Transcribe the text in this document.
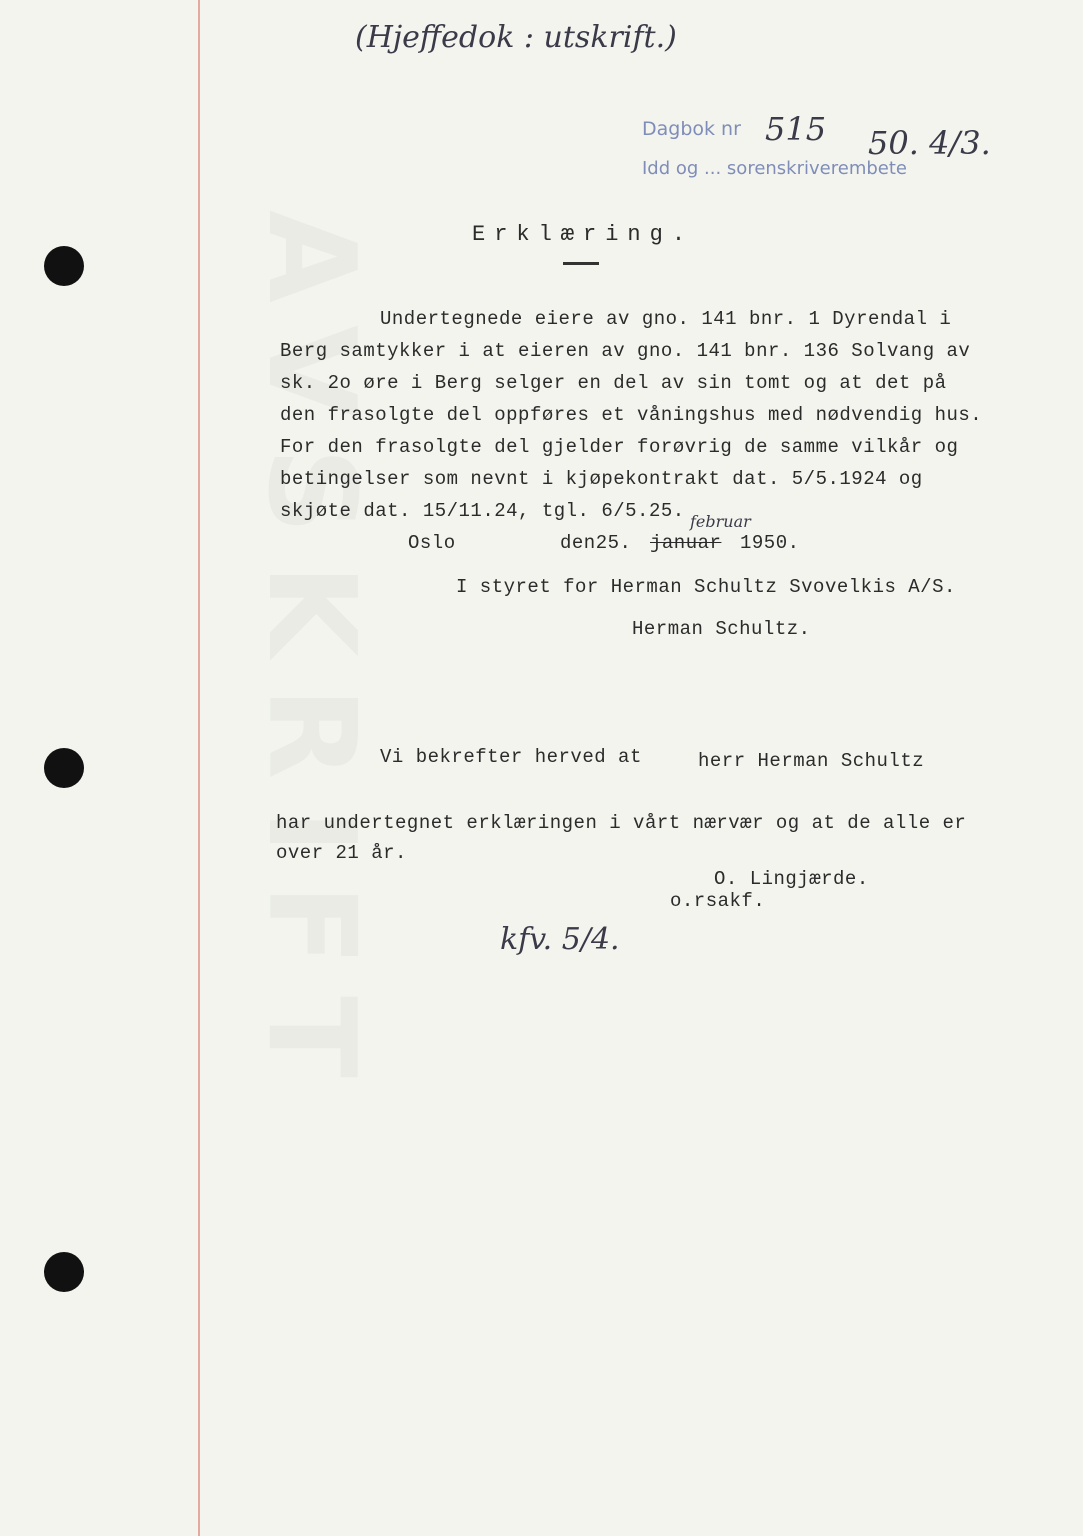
(Hjeffedok : utskrift.)
Dagbok nr 515 50. 4/3.
Idd og ... sorenskriverembete
Erklæring.
Undertegnede eiere av gno. 141 bnr. 1 Dyrendal i
Berg samtykker i at eieren av gno. 141 bnr. 136 Solvang av
sk. 2o øre i Berg selger en del av sin tomt og at det på
den frasolgte del oppføres et våningshus med nødvendig hus.
For den frasolgte del gjelder forøvrig de samme vilkår og
betingelser som nevnt i kjøpekontrakt dat. 5/5.1924 og
skjøte dat. 15/11.24, tgl. 6/5.25.
Oslo	den25. januar
februar
1950.
I styret for Herman Schultz Svovelkis A/S.
Herman Schultz.
Vi bekrefter herved at	herr Herman Schultz
har undertegnet erklæringen i vårt nærvær og at de alle er
over 21 år.
O. Lingjærde.
o.rsakf.
kfv. 5/4.
